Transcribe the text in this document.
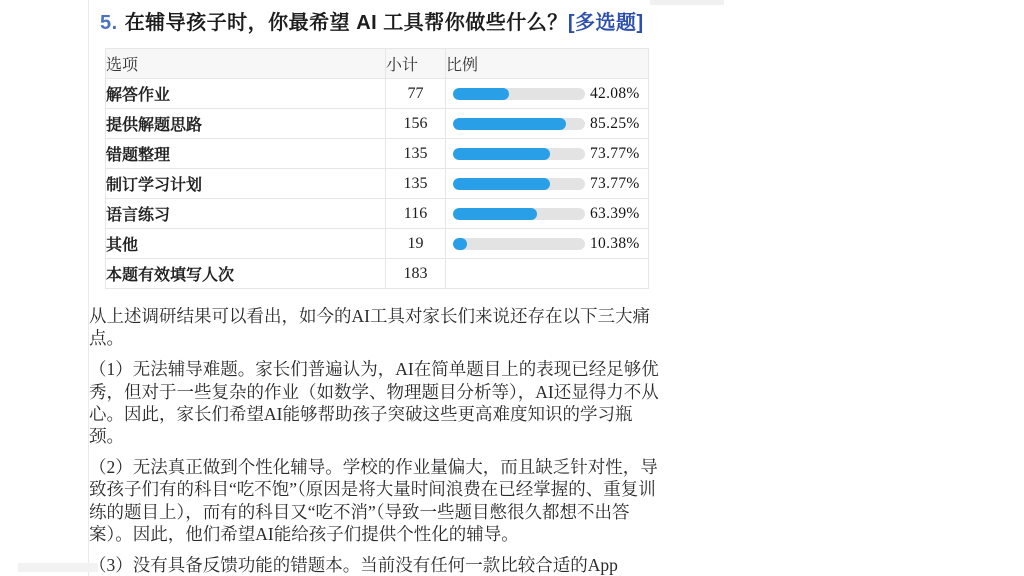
5. 在辅导孩子时，你最希望 AI 工具帮你做些什么？[多选题]
选项	小计	比例
解答作业	77	42.08%

提供解题思路	156	85.25%

错题整理	135	73.77%

制订学习计划	135	73.77%

语言练习	116	63.39%

其他	19	10.38%

本题有效填写人次	183	

从上述调研结果可以看出，如今的AI工具对家长们来说还存在以下三大痛点。

（1）无法辅导难题。家长们普遍认为，AI在简单题目上的表现已经足够优秀，但对于一些复杂的作业（如数学、物理题目分析等），AI还显得力不从心。因此，家长们希望AI能够帮助孩子突破这些更高难度知识的学习瓶颈。

（2）无法真正做到个性化辅导。学校的作业量偏大，而且缺乏针对性，导致孩子们有的科目“吃不饱”（原因是将大量时间浪费在已经掌握的、重复训练的题目上），而有的科目又“吃不消”（导致一些题目憋很久都想不出答案）。因此，他们希望AI能给孩子们提供个性化的辅导。

（3）没有具备反馈功能的错题本。当前没有任何一款比较合适的App
